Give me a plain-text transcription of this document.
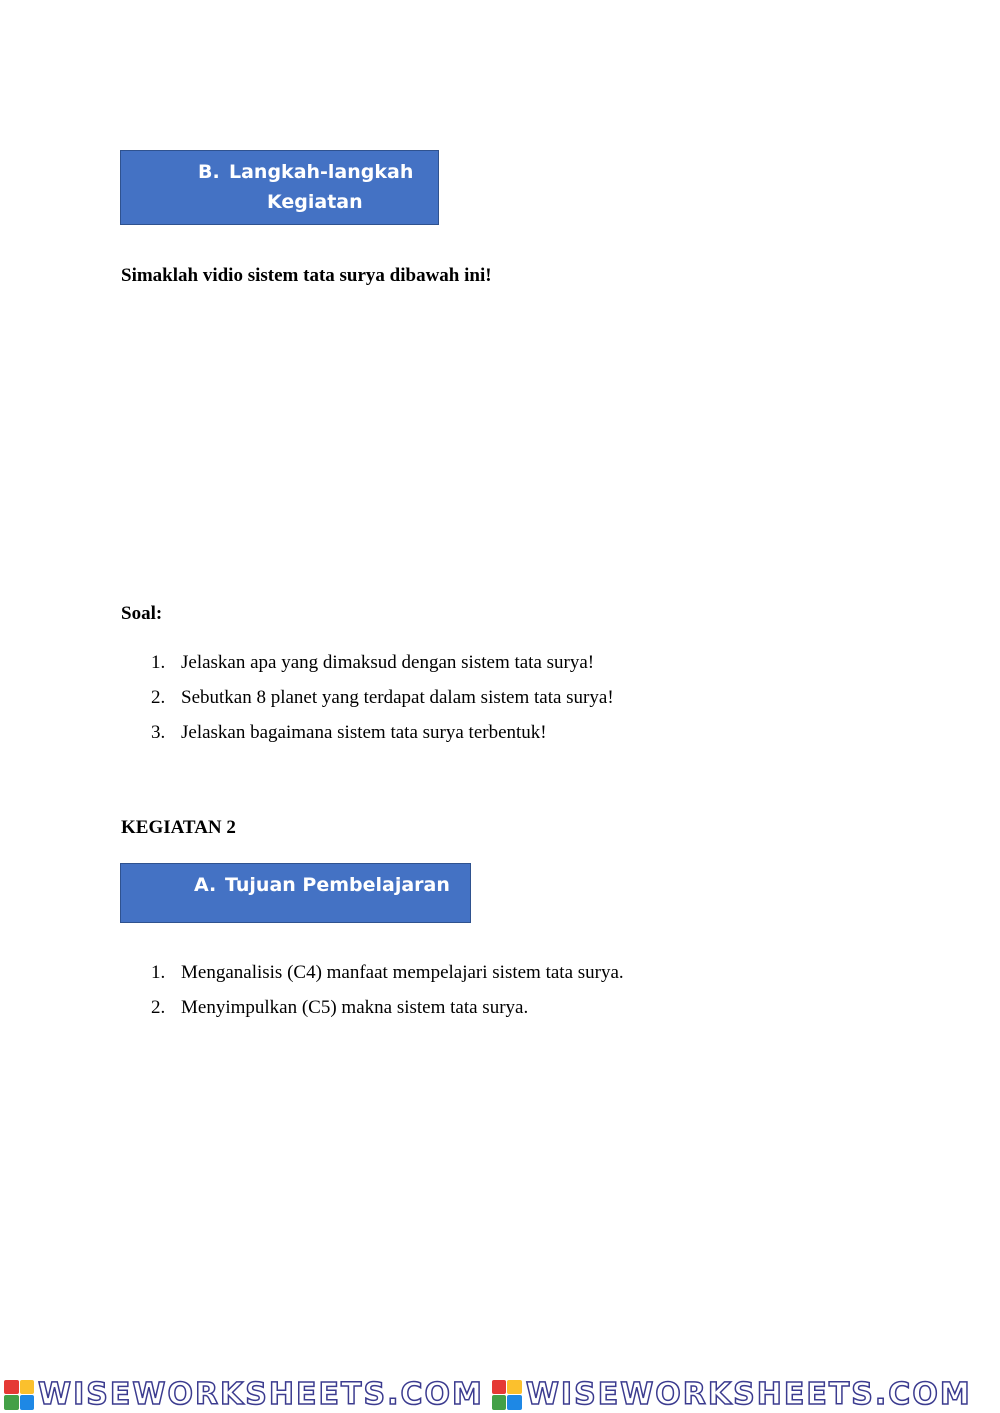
B. Langkah-langkah
Kegiatan
Simaklah vidio sistem tata surya dibawah ini!
Soal:
1. Jelaskan apa yang dimaksud dengan sistem tata surya!
2. Sebutkan 8 planet yang terdapat dalam sistem tata surya!
3. Jelaskan bagaimana sistem tata surya terbentuk!
KEGIATAN 2
A. Tujuan Pembelajaran
1. Menganalisis (C4) manfaat mempelajari sistem tata surya.
2. Menyimpulkan (C5) makna sistem tata surya.
WISEWORKSHEETS.COM WISEWORKSHEETS.COM
